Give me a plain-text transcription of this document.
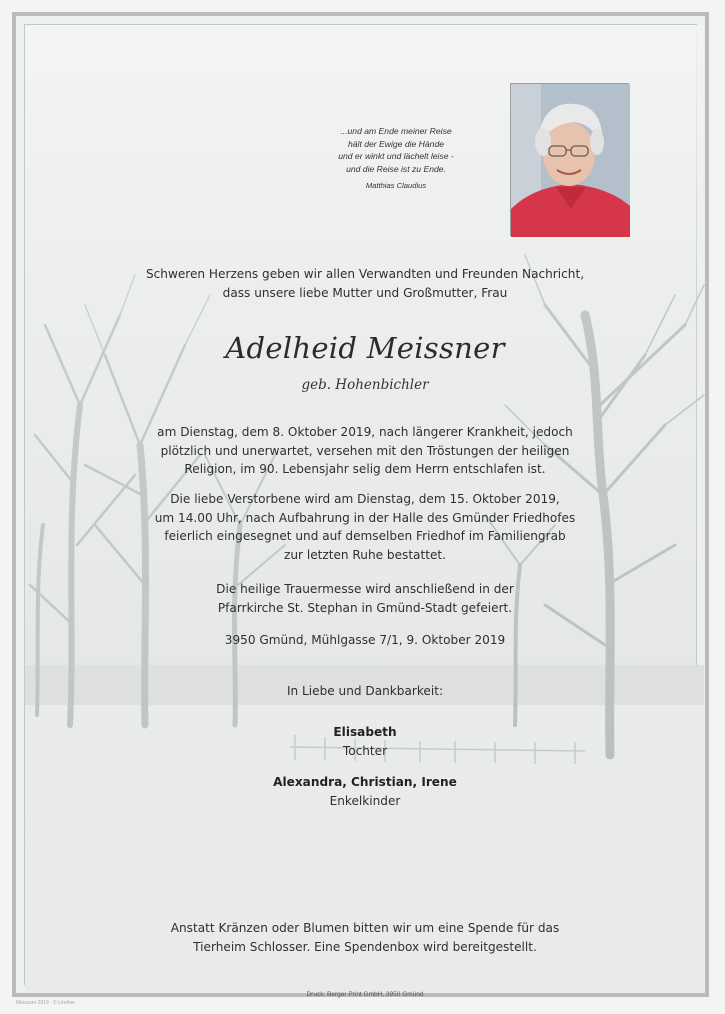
...und am Ende meiner Reise
hält der Ewige die Hände
und er winkt und lächelt leise -
und die Reise ist zu Ende.
Matthias Claudius
Schweren Herzens geben wir allen Verwandten und Freunden Nachricht,
dass unsere liebe Mutter und Großmutter, Frau
Adelheid Meissner
geb. Hohenbichler
am Dienstag, dem 8. Oktober 2019, nach längerer Krankheit, jedoch
plötzlich und unerwartet, versehen mit den Tröstungen der heiligen
Religion, im 90. Lebensjahr selig dem Herrn entschlafen ist.
Die liebe Verstorbene wird am Dienstag, dem 15. Oktober 2019,
um 14.00 Uhr, nach Aufbahrung in der Halle des Gmünder Friedhofes
feierlich eingesegnet und auf demselben Friedhof im Familiengrab
zur letzten Ruhe bestattet.
Die heilige Trauermesse wird anschließend in der
Pfarrkirche St. Stephan in Gmünd-Stadt gefeiert.
3950 Gmünd, Mühlgasse 7/1, 9. Oktober 2019
In Liebe und Dankbarkeit:
Elisabeth
Tochter
Alexandra, Christian, Irene
Enkelkinder
Anstatt Kränzen oder Blumen bitten wir um eine Spende für das
Tierheim Schlosser. Eine Spendenbox wird bereitgestellt.
Druck: Berger Print GmbH, 3950 Gmünd
Meissner 2019 · © Lindner
